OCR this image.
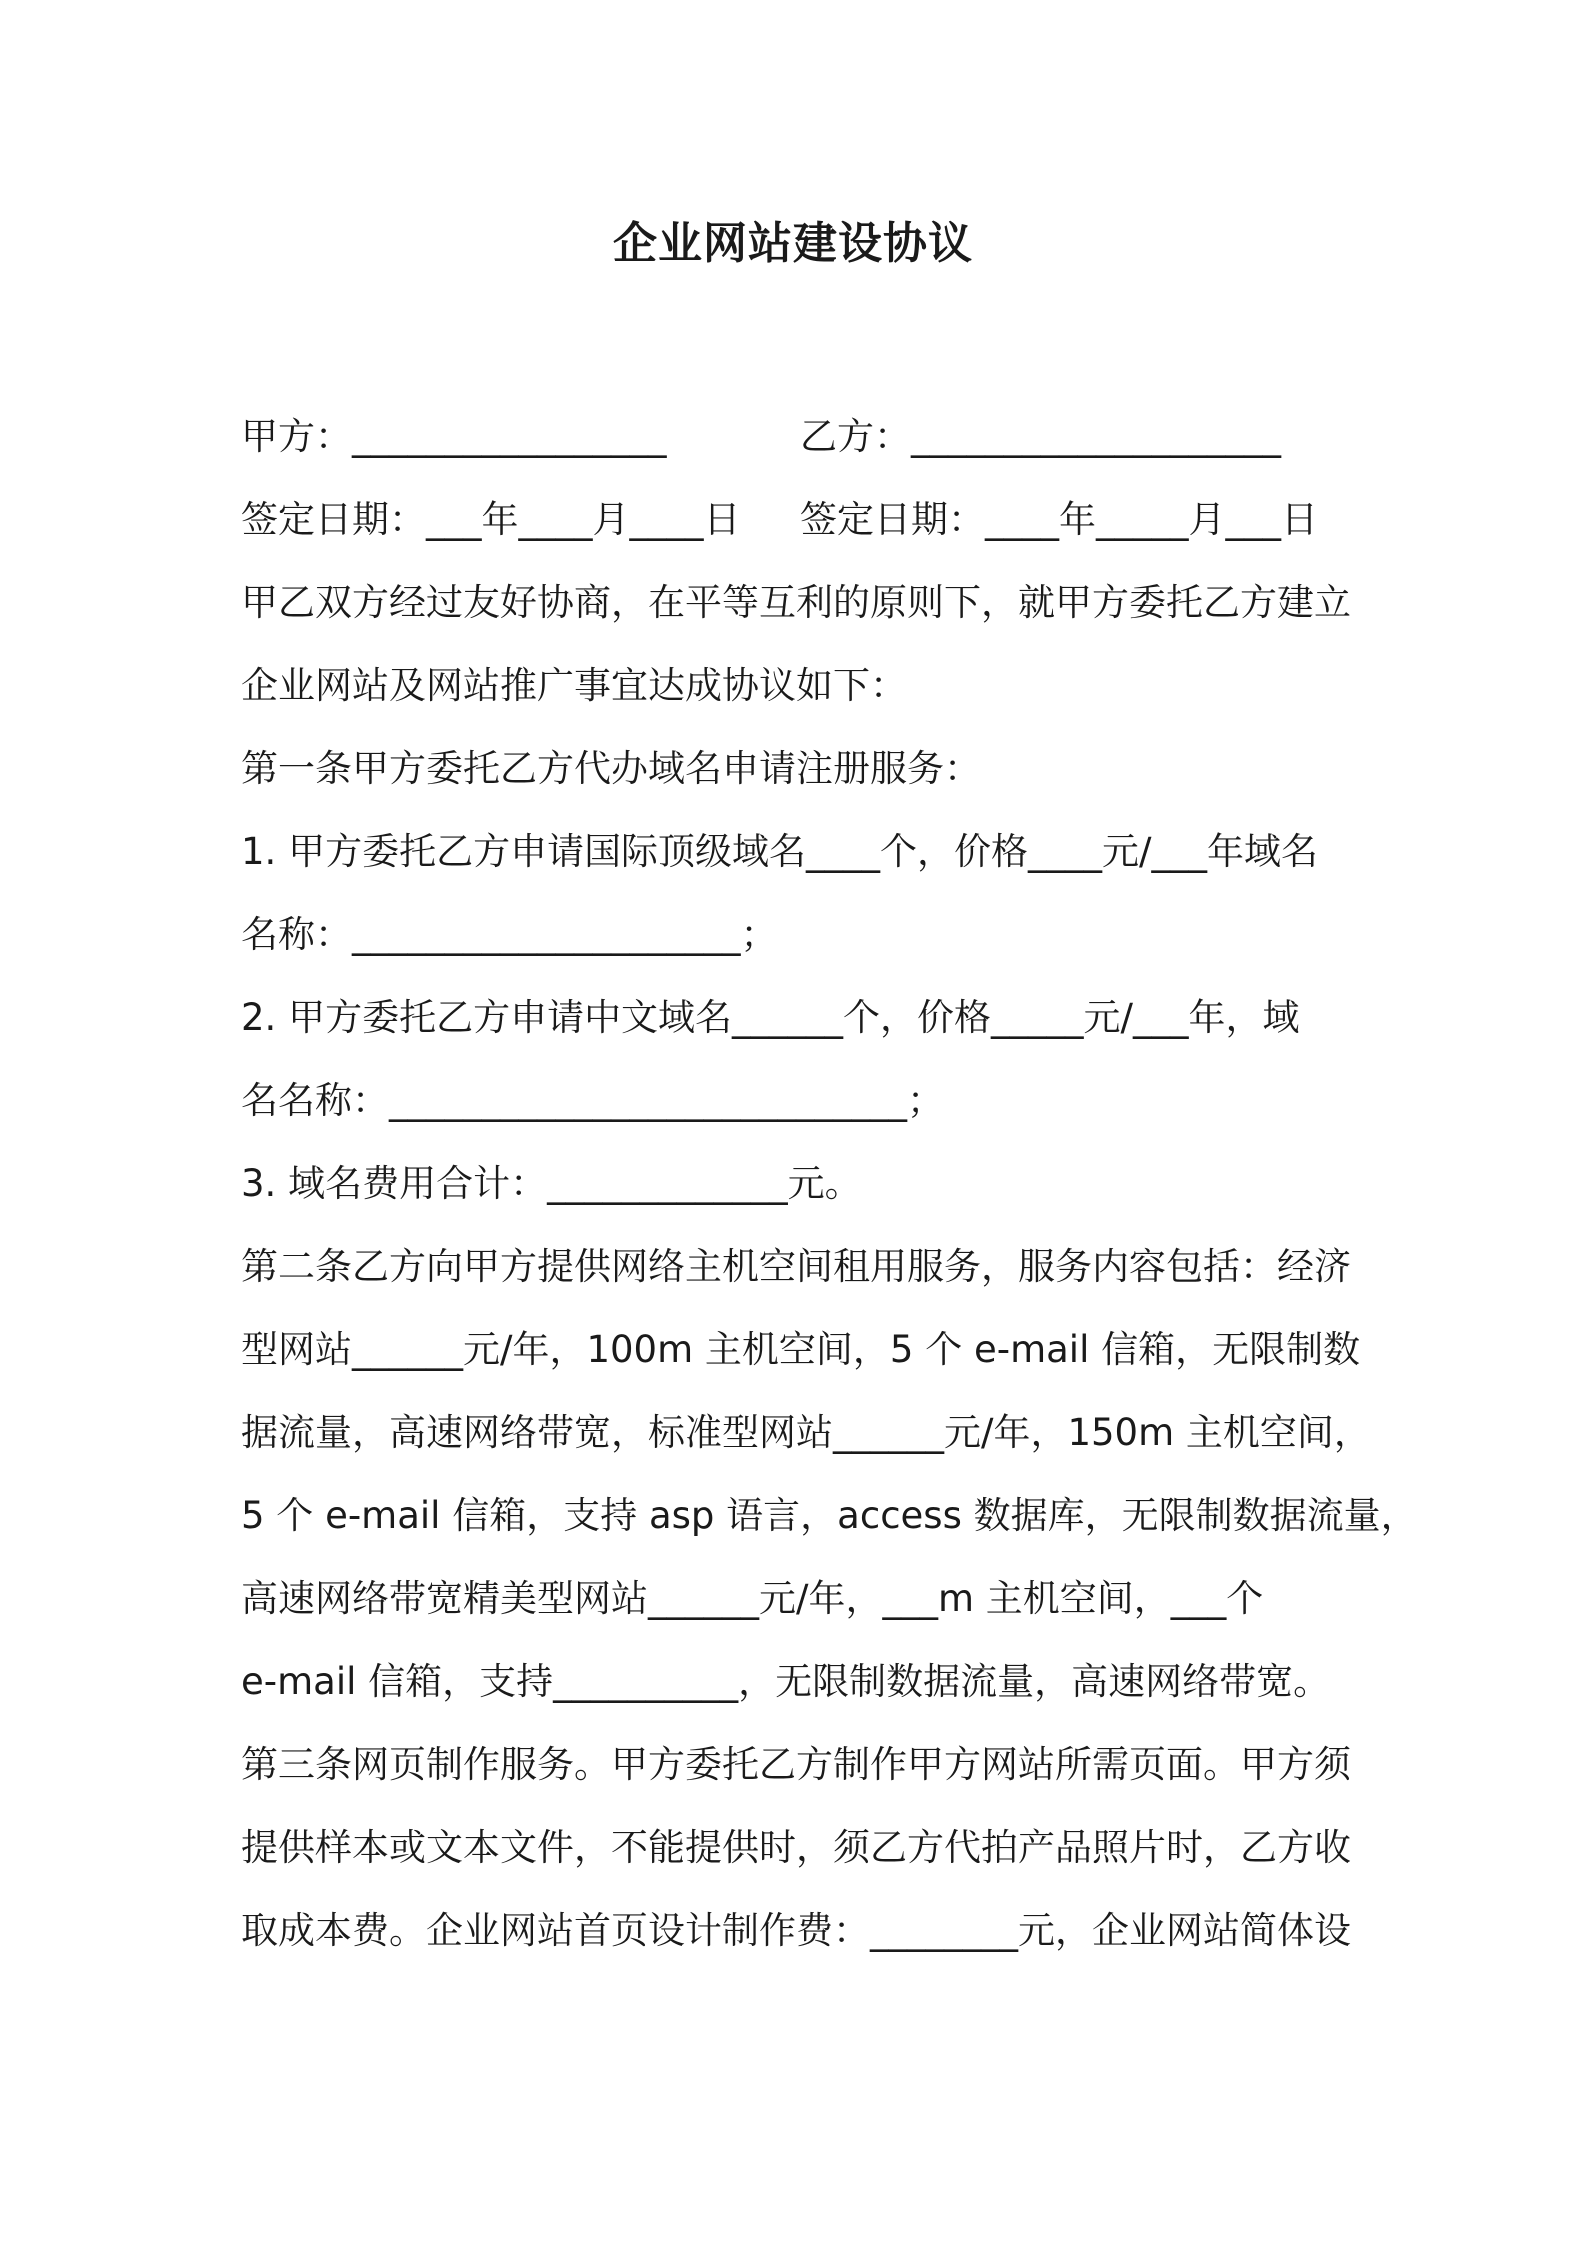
企业网站建设协议
甲方：_________________	乙方：____________________
签定日期：___年____月____日 签定日期：____年_____月___日
甲乙双方经过友好协商，在平等互利的原则下，就甲方委托乙方建立
企业网站及网站推广事宜达成协议如下：
第一条甲方委托乙方代办域名申请注册服务：
1. 甲方委托乙方申请国际顶级域名____个，价格____元/___年域名
名称：_____________________；
2. 甲方委托乙方申请中文域名______个，价格_____元/___年，域
名名称：____________________________；
3. 域名费用合计：_____________元。
第二条乙方向甲方提供网络主机空间租用服务，服务内容包括：经济
型网站______元/年，100m 主机空间，5 个 e-mail 信箱，无限制数
据流量，高速网络带宽，标准型网站______元/年，150m 主机空间，
5 个 e-mail 信箱，支持 asp 语言，access 数据库，无限制数据流量，
高速网络带宽精美型网站______元/年，___m 主机空间，___个
e-mail 信箱，支持__________，无限制数据流量，高速网络带宽。
第三条网页制作服务。甲方委托乙方制作甲方网站所需页面。甲方须
提供样本或文本文件，不能提供时，须乙方代拍产品照片时，乙方收
取成本费。企业网站首页设计制作费：________元，企业网站简体设
